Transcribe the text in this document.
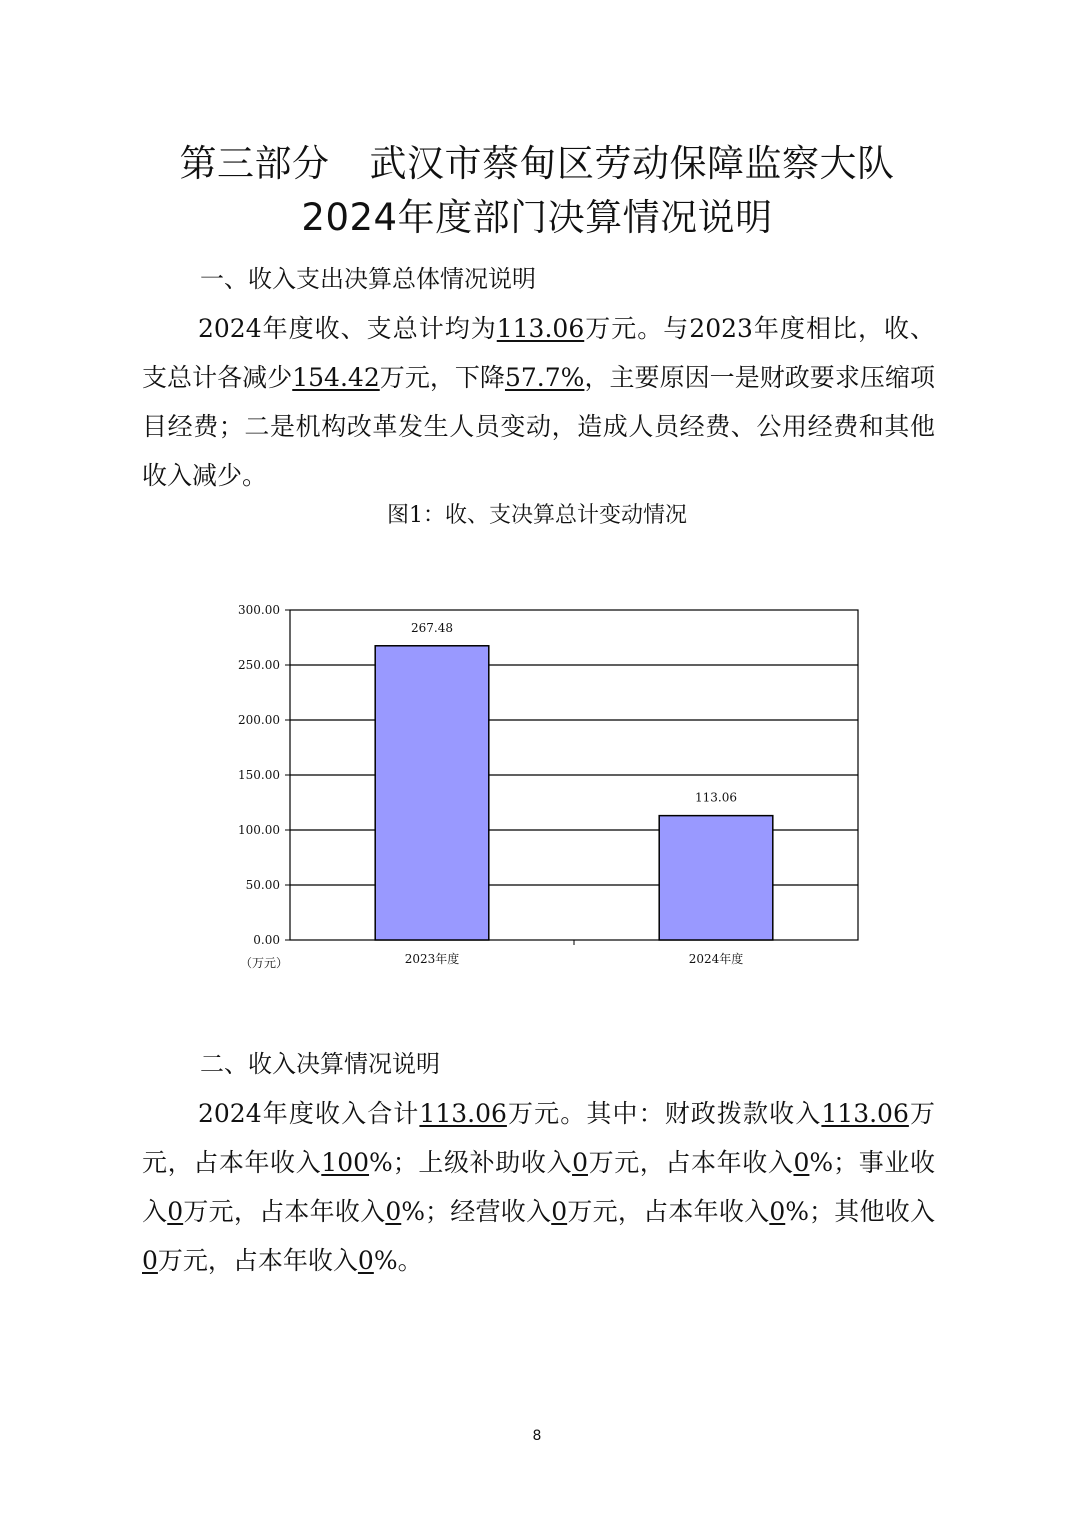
第三部分 武汉市蔡甸区劳动保障监察大队
2024年度部门决算情况说明
一、收入支出决算总体情况说明

2024年度收、支总计均为113.06万元。与2023年度相比，收、支总计各减少154.42万元，下降57.7%，主要原因一是财政要求压缩项目经费；二是机构改革发生人员变动，造成人员经费、公用经费和其他收入减少。

图1：收、支决算总计变动情况
0.00
50.00
100.00
150.00
200.00
250.00
300.00
267.48
2023年度
113.06
2024年度
（万元）
二、收入决算情况说明

2024年度收入合计113.06万元。其中：财政拨款收入113.06万元，占本年收入100%；上级补助收入0万元，占本年收入0%；事业收入0万元，占本年收入0%；经营收入0万元，占本年收入0%；其他收入0万元，占本年收入0%。

8
